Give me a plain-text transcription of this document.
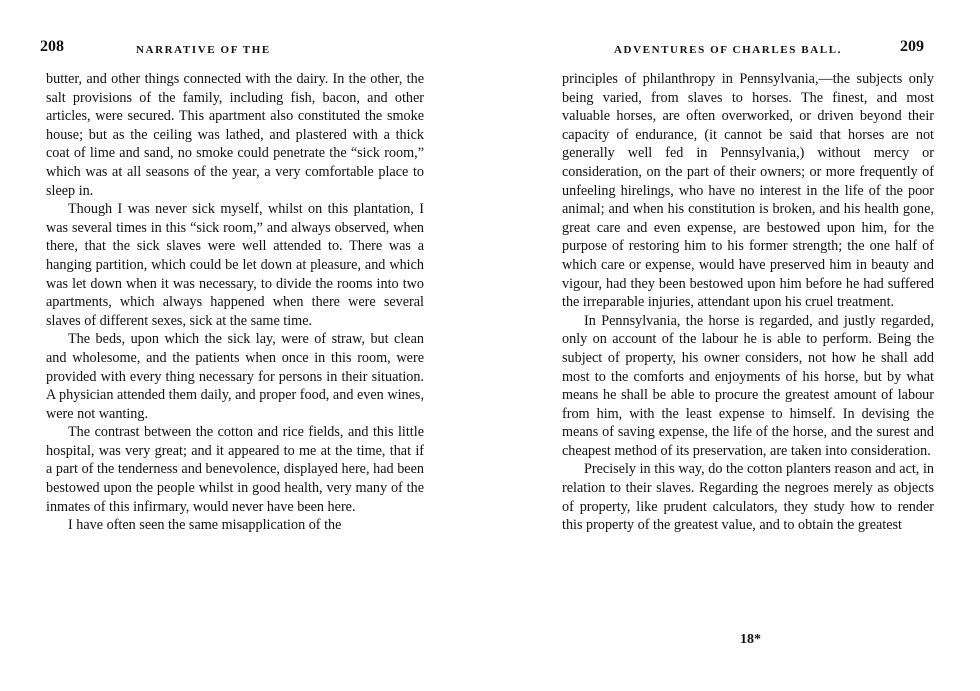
208	NARRATIVE OF THE

butter, and other things connected with the dairy. In the other, the salt provisions of the family, including fish, bacon, and other articles, were secured. This apartment also constituted the smoke house; but as the ceiling was lathed, and plastered with a thick coat of lime and sand, no smoke could penetrate the “sick room,” which was at all seasons of the year, a very comfortable place to sleep in.

Though I was never sick myself, whilst on this plantation, I was several times in this “sick room,” and always observed, when there, that the sick slaves were well attended to. There was a hanging partition, which could be let down at pleasure, and which was let down when it was necessary, to divide the rooms into two apartments, which always happened when there were several slaves of different sexes, sick at the same time.

The beds, upon which the sick lay, were of straw, but clean and wholesome, and the patients when once in this room, were provided with every thing necessary for persons in their situation. A physician attended them daily, and proper food, and even wines, were not wanting.

The contrast between the cotton and rice fields, and this little hospital, was very great; and it appeared to me at the time, that if a part of the tenderness and benevolence, displayed here, had been bestowed upon the people whilst in good health, very many of the inmates of this infirmary, would never have been here.

I have often seen the same misapplication of the

ADVENTURES OF CHARLES BALL.	209

principles of philanthropy in Pennsylvania,—the subjects only being varied, from slaves to horses. The finest, and most valuable horses, are often overworked, or driven beyond their capacity of endurance, (it cannot be said that horses are not generally well fed in Pennsylvania,) without mercy or consideration, on the part of their owners; or more frequently of unfeeling hirelings, who have no interest in the life of the poor animal; and when his constitution is broken, and his health gone, great care and even expense, are bestowed upon him, for the purpose of restoring him to his former strength; the one half of which care or expense, would have preserved him in beauty and vigour, had they been bestowed upon him before he had suffered the irreparable injuries, attendant upon his cruel treatment.

In Pennsylvania, the horse is regarded, and justly regarded, only on account of the labour he is able to perform. Being the subject of property, his owner considers, not how he shall add most to the comforts and enjoyments of his horse, but by what means he shall be able to procure the greatest amount of labour from him, with the least expense to himself. In devising the means of saving expense, the life of the horse, and the surest and cheapest method of its preservation, are taken into consideration.

Precisely in this way, do the cotton planters reason and act, in relation to their slaves. Regarding the negroes merely as objects of property, like prudent calculators, they study how to render this property of the greatest value, and to obtain the greatest

18*
